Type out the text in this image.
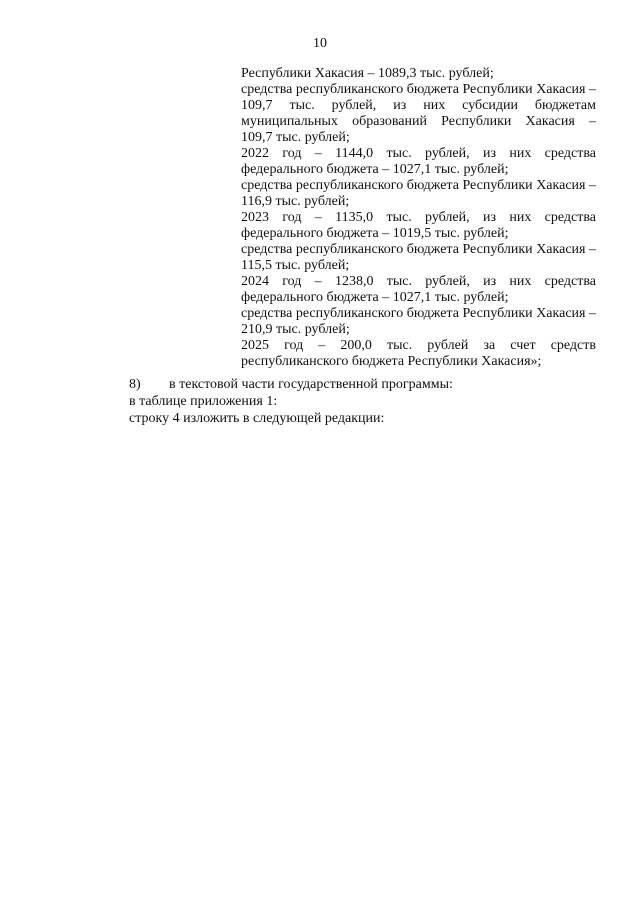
10

Республики Хакасия – 1089,3 тыс. рублей;

средства республиканского бюджета Республики Хакасия –
109,7 тыс. рублей, из них субсидии бюджетам
муниципальных образований Республики Хакасия –
109,7 тыс. рублей;

2022 год – 1144,0 тыс. рублей, из них средства
федерального бюджета – 1027,1 тыс. рублей;

средства республиканского бюджета Республики Хакасия –
116,9 тыс. рублей;

2023 год – 1135,0 тыс. рублей, из них средства
федерального бюджета – 1019,5 тыс. рублей;

средства республиканского бюджета Республики Хакасия –
115,5 тыс. рублей;

2024 год – 1238,0 тыс. рублей, из них средства
федерального бюджета – 1027,1 тыс. рублей;

средства республиканского бюджета Республики Хакасия –
210,9 тыс. рублей;

2025 год – 200,0 тыс. рублей за счет средств
республиканского бюджета Республики Хакасия»;

8)	в текстовой части государственной программы:
в таблице приложения 1:
строку 4 изложить в следующей редакции:
